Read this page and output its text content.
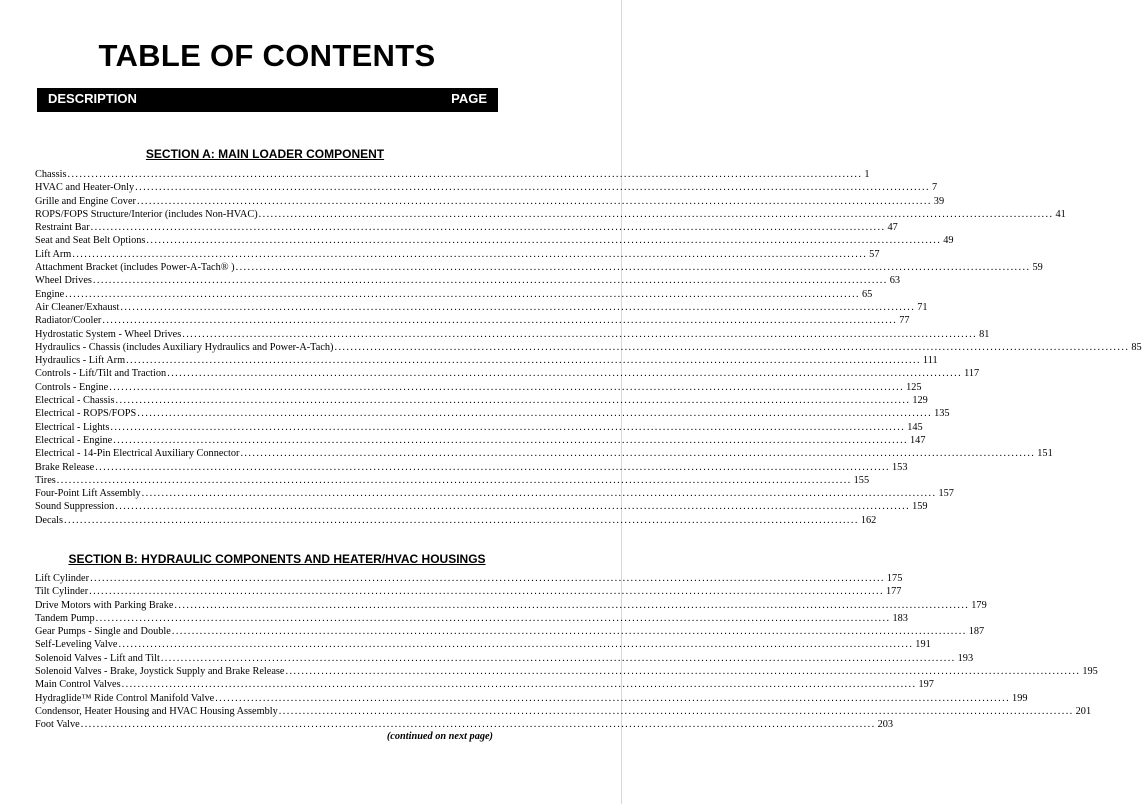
TABLE OF CONTENTS
DESCRIPTION	PAGE
SECTION A: MAIN LOADER COMPONENT
Chassis ........................................................................................................................................................................................................ 1
HVAC and Heater-Only ........................................................................................................................................................................................................ 7
Grille and Engine Cover ........................................................................................................................................................................................................ 39
ROPS/FOPS Structure/Interior (includes Non-HVAC) ........................................................................................................................................................................................................ 41
Restraint Bar ........................................................................................................................................................................................................ 47
Seat and Seat Belt Options ........................................................................................................................................................................................................ 49
Lift Arm ........................................................................................................................................................................................................ 57
Attachment Bracket (includes Power-A-Tach® ) ........................................................................................................................................................................................................ 59
Wheel Drives ........................................................................................................................................................................................................ 63
Engine ........................................................................................................................................................................................................ 65
Air Cleaner/Exhaust ........................................................................................................................................................................................................ 71
Radiator/Cooler ........................................................................................................................................................................................................ 77
Hydrostatic System - Wheel Drives ........................................................................................................................................................................................................ 81
Hydraulics - Chassis (includes Auxiliary Hydraulics and Power-A-Tach) ........................................................................................................................................................................................................ 85
Hydraulics - Lift Arm ........................................................................................................................................................................................................ 111
Controls - Lift/Tilt and Traction ........................................................................................................................................................................................................ 117
Controls - Engine ........................................................................................................................................................................................................ 125
Electrical - Chassis ........................................................................................................................................................................................................ 129
Electrical - ROPS/FOPS ........................................................................................................................................................................................................ 135
Electrical - Lights ........................................................................................................................................................................................................ 145
Electrical - Engine ........................................................................................................................................................................................................ 147
Electrical - 14-Pin Electrical Auxiliary Connector ........................................................................................................................................................................................................ 151
Brake Release ........................................................................................................................................................................................................ 153
Tires ........................................................................................................................................................................................................ 155
Four-Point Lift Assembly ........................................................................................................................................................................................................ 157
Sound Suppression ........................................................................................................................................................................................................ 159
Decals ........................................................................................................................................................................................................ 162
SECTION B: HYDRAULIC COMPONENTS AND HEATER/HVAC HOUSINGS
Lift Cylinder ........................................................................................................................................................................................................ 175
Tilt Cylinder ........................................................................................................................................................................................................ 177
Drive Motors with Parking Brake ........................................................................................................................................................................................................ 179
Tandem Pump ........................................................................................................................................................................................................ 183
Gear Pumps - Single and Double ........................................................................................................................................................................................................ 187
Self-Leveling Valve ........................................................................................................................................................................................................ 191
Solenoid Valves - Lift and Tilt ........................................................................................................................................................................................................ 193
Solenoid Valves - Brake, Joystick Supply and Brake Release ........................................................................................................................................................................................................ 195
Main Control Valves ........................................................................................................................................................................................................ 197
Hydraglide™ Ride Control Manifold Valve ........................................................................................................................................................................................................ 199
Condensor, Heater Housing and HVAC Housing Assembly ........................................................................................................................................................................................................ 201
Foot Valve ........................................................................................................................................................................................................ 203
(continued on next page)
